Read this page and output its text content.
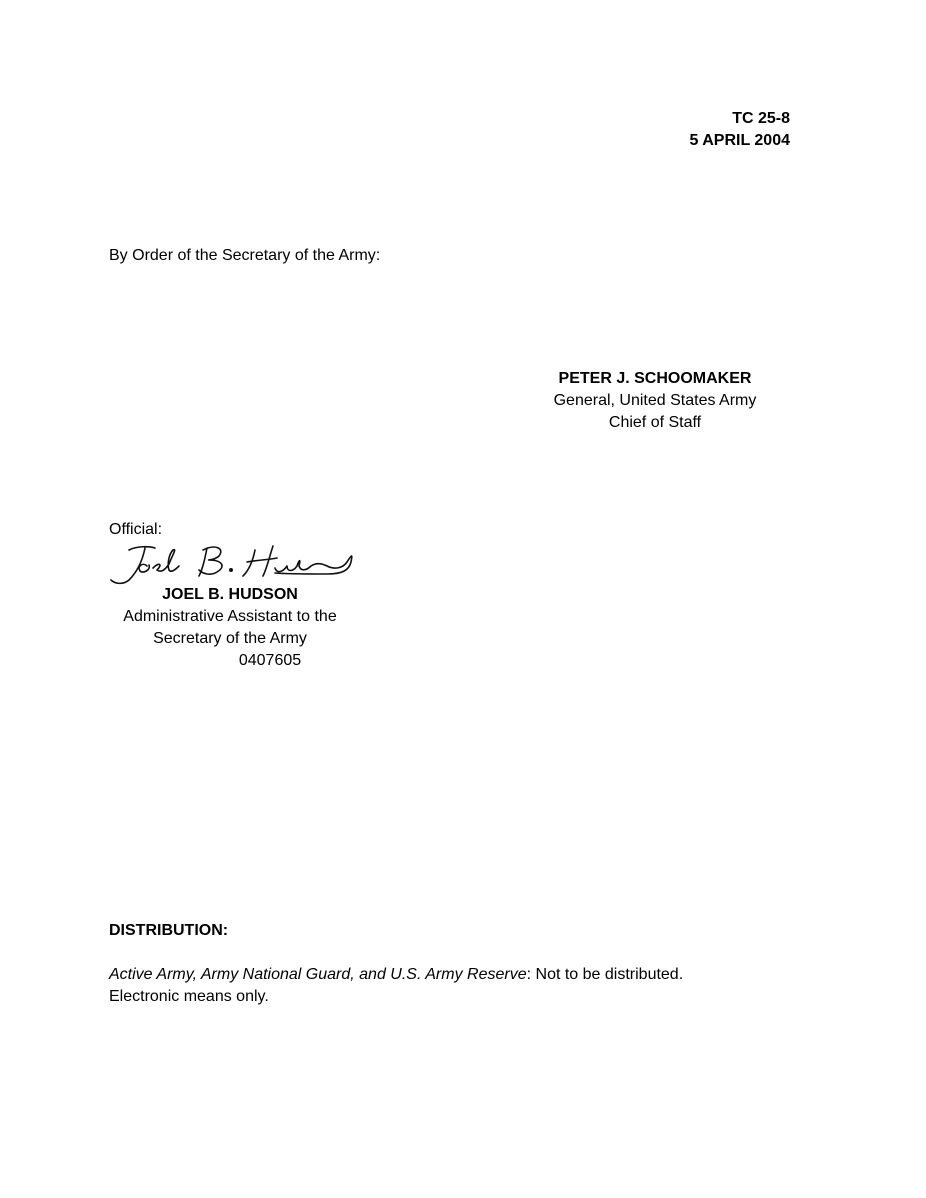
TC 25-8
5 APRIL 2004
By Order of the Secretary of the Army:
PETER J. SCHOOMAKER
General, United States Army
Chief of Staff
Official:
JOEL B. HUDSON
Administrative Assistant to the
Secretary of the Army
0407605
DISTRIBUTION:
Active Army, Army National Guard, and U.S. Army Reserve: Not to be distributed.
Electronic means only.
